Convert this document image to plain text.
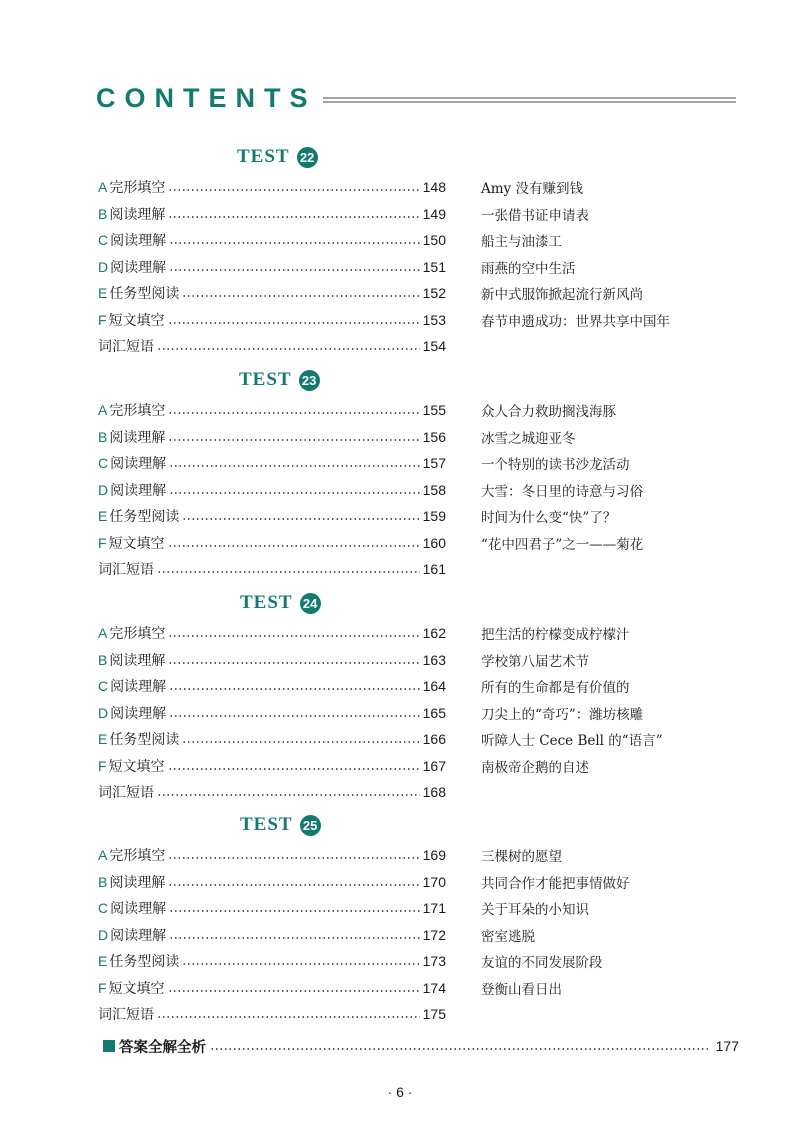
CONTENTS
TEST 22
A 完形填空	148	Amy 没有赚到钱
B 阅读理解	149	一张借书证申请表
C 阅读理解	150	船主与油漆工
D 阅读理解	151	雨燕的空中生活
E 任务型阅读	152	新中式服饰掀起流行新风尚
F 短文填空	153	春节申遗成功：世界共享中国年
词汇短语	154
TEST 23
A 完形填空	155	众人合力救助搁浅海豚
B 阅读理解	156	冰雪之城迎亚冬
C 阅读理解	157	一个特别的读书沙龙活动
D 阅读理解	158	大雪：冬日里的诗意与习俗
E 任务型阅读	159	时间为什么变“快”了？
F 短文填空	160	“花中四君子”之一——菊花
词汇短语	161
TEST 24
A 完形填空	162	把生活的柠檬变成柠檬汁
B 阅读理解	163	学校第八届艺术节
C 阅读理解	164	所有的生命都是有价值的
D 阅读理解	165	刀尖上的“奇巧”：潍坊核雕
E 任务型阅读	166	听障人士 Cece Bell 的“语言”
F 短文填空	167	南极帝企鹅的自述
词汇短语	168
TEST 25
A 完形填空	169	三棵树的愿望
B 阅读理解	170	共同合作才能把事情做好
C 阅读理解	171	关于耳朵的小知识
D 阅读理解	172	密室逃脱
E 任务型阅读	173	友谊的不同发展阶段
F 短文填空	174	登衡山看日出
词汇短语	175
答案全解全析	177
· 6 ·
